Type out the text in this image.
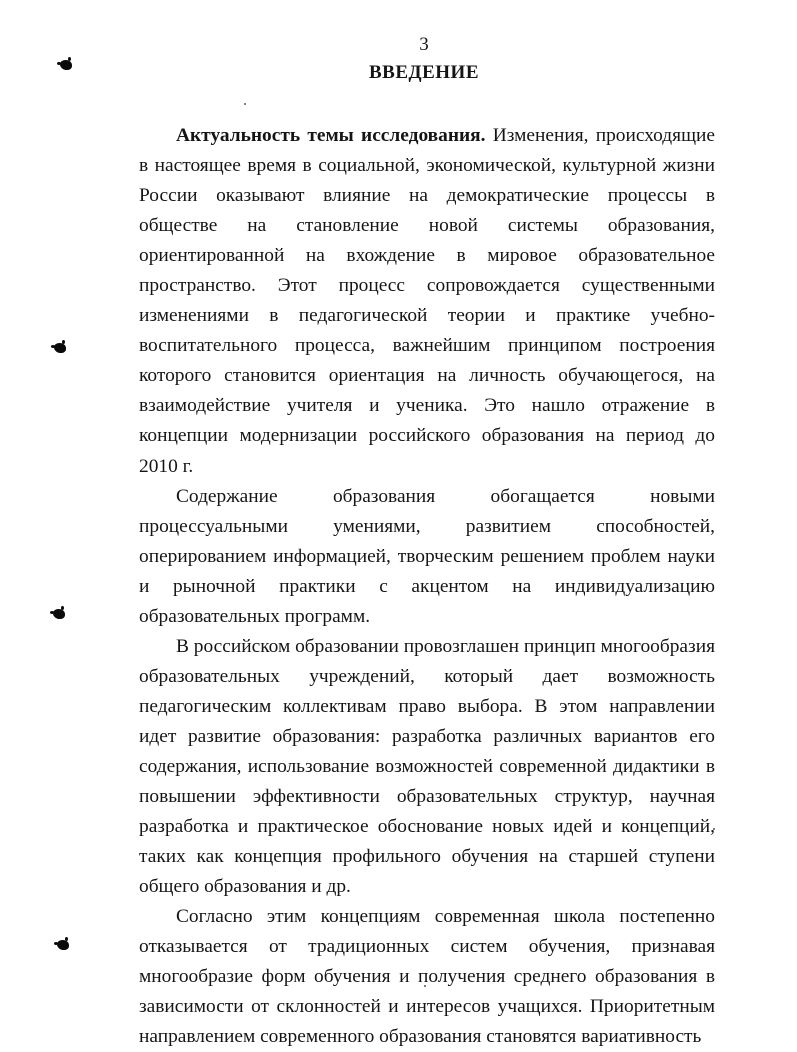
3
ВВЕДЕНИЕ

Актуальность темы исследования. Изменения, происходящие в настоящее время в социальной, экономической, культурной жизни России оказывают влияние на демократические процессы в обществе на становление новой системы образования, ориентированной на вхождение в мировое образовательное пространство. Этот процесс сопровождается существенными изменениями в педагогической теории и практике учебно-воспитательного процесса, важнейшим принципом построения которого становится ориентация на личность обучающегося, на взаимодействие учителя и ученика. Это нашло отражение в концепции модернизации российского образования на период до 2010 г.

Содержание образования обогащается новыми процессуальными умениями, развитием способностей, оперированием информацией, творческим решением проблем науки и рыночной практики с акцентом на индивидуализацию образовательных программ.

В российском образовании провозглашен принцип многообразия образовательных учреждений, который дает возможность педагогическим коллективам право выбора. В этом направлении идет развитие образования: разработка различных вариантов его содержания, использование возможностей современной дидактики в повышении эффективности образовательных структур, научная разработка и практическое обоснование новых идей и концепций, таких как концепция профильного обучения на старшей ступени общего образования и др.

Согласно этим концепциям современная школа постепенно отказывается от традиционных систем обучения, признавая многообразие форм обучения и получения среднего образования в зависимости от склонностей и интересов учащихся. Приоритетным направлением современного образования становятся вариативность
